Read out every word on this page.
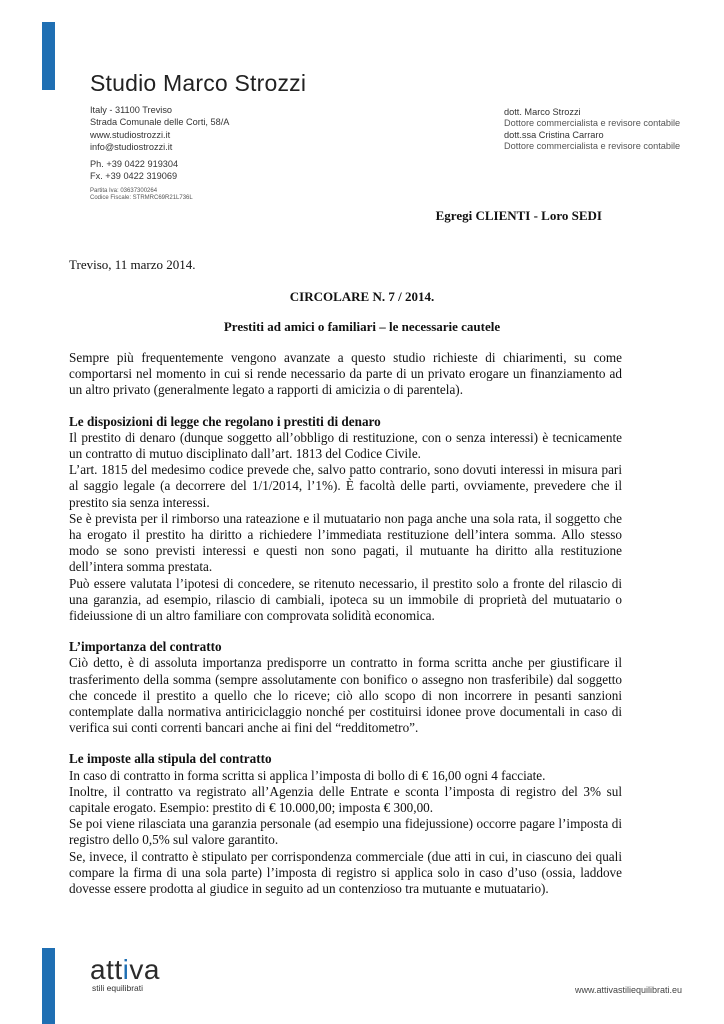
Studio Marco Strozzi
Italy - 31100 Treviso
Strada Comunale delle Corti, 58/A
www.studiostrozzi.it
info@studiostrozzi.it
Ph. +39 0422 919304
Fx. +39 0422 319069
Partita Iva: 03637300264
Codice Fiscale: STRMRC69R21L736L
dott. Marco Strozzi
Dottore commercialista e revisore contabile
dott.ssa Cristina Carraro
Dottore commercialista e revisore contabile
Egregi CLIENTI - Loro SEDI
Treviso, 11 marzo 2014.
CIRCOLARE N. 7 / 2014.
Prestiti ad amici o familiari – le necessarie cautele

Sempre più frequentemente vengono avanzate a questo studio richieste di chiarimenti, su come comportarsi nel momento in cui si rende necessario da parte di un privato erogare un finanziamento ad un altro privato (generalmente legato a rapporti di amicizia o di parentela).

Le disposizioni di legge che regolano i prestiti di denaro

Il prestito di denaro (dunque soggetto all’obbligo di restituzione, con o senza interessi) è tecnicamente un contratto di mutuo disciplinato dall’art. 1813 del Codice Civile.

L’art. 1815 del medesimo codice prevede che, salvo patto contrario, sono dovuti interessi in misura pari al saggio legale (a decorrere del 1/1/2014, l’1%). È facoltà delle parti, ovviamente, prevedere che il prestito sia senza interessi.

Se è prevista per il rimborso una rateazione e il mutuatario non paga anche una sola rata, il soggetto che ha erogato il prestito ha diritto a richiedere l’immediata restituzione dell’intera somma. Allo stesso modo se sono previsti interessi e questi non sono pagati, il mutuante ha diritto alla restituzione dell’intera somma prestata.

Può essere valutata l’ipotesi di concedere, se ritenuto necessario, il prestito solo a fronte del rilascio di una garanzia, ad esempio, rilascio di cambiali, ipoteca su un immobile di proprietà del mutuatario o fideiussione di un altro familiare con comprovata solidità economica.

L’importanza del contratto

Ciò detto, è di assoluta importanza predisporre un contratto in forma scritta anche per giustificare il trasferimento della somma (sempre assolutamente con bonifico o assegno non trasferibile) dal soggetto che concede il prestito a quello che lo riceve; ciò allo scopo di non incorrere in pesanti sanzioni contemplate dalla normativa antiriciclaggio nonché per costituirsi idonee prove documentali in caso di verifica sui conti correnti bancari anche ai fini del “redditometro”.

Le imposte alla stipula del contratto

In caso di contratto in forma scritta si applica l’imposta di bollo di € 16,00 ogni 4 facciate.

Inoltre, il contratto va registrato all’Agenzia delle Entrate e sconta l’imposta di registro del 3% sul capitale erogato. Esempio: prestito di € 10.000,00; imposta € 300,00.

Se poi viene rilasciata una garanzia personale (ad esempio una fidejussione) occorre pagare l’imposta di registro dello 0,5% sul valore garantito.

Se, invece, il contratto è stipulato per corrispondenza commerciale (due atti in cui, in ciascuno dei quali compare la firma di una sola parte) l’imposta di registro si applica solo in caso d’uso (ossia, laddove dovesse essere prodotta al giudice in seguito ad un contenzioso tra mutuante e mutuatario).

attiva
stili equilibrati	www.attivastiliequilibrati.eu
